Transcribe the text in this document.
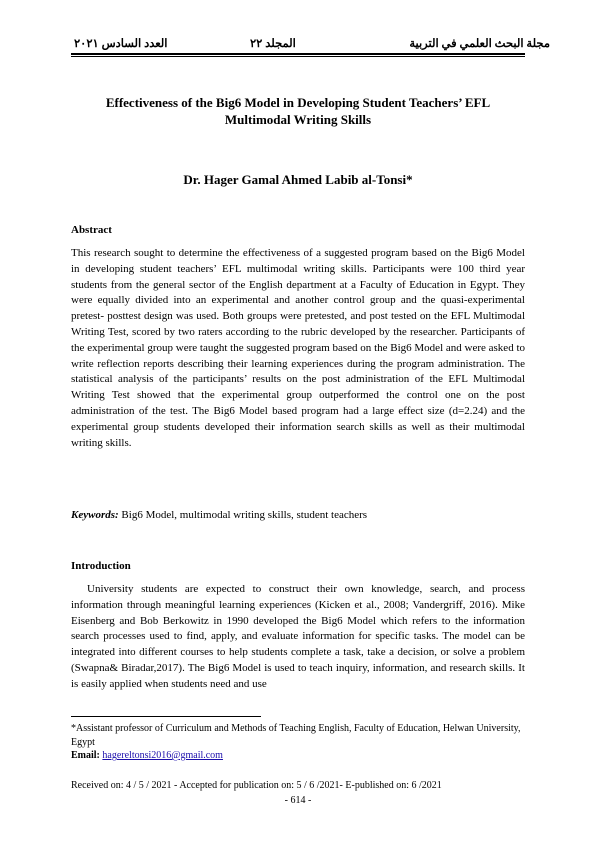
مجلة البحث العلمي في التربية
المجلد ٢٢
العدد السادس ٢٠٢١
Effectiveness of the Big6 Model in Developing Student Teachers’ EFL
Multimodal Writing Skills
Dr. Hager Gamal Ahmed Labib al-Tonsi*
Abstract
This research sought to determine the effectiveness of a suggested program based on the Big6 Model in developing student teachers’ EFL multimodal writing skills. Participants were 100 third year students from the general sector of the English department at a Faculty of Education in Egypt. They were equally divided into an experimental and another control group and the quasi-experimental pretest- posttest design was used. Both groups were pretested, and post tested on the EFL Multimodal Writing Test, scored by two raters according to the rubric developed by the researcher. Participants of the experimental group were taught the suggested program based on the Big6 Model and were asked to write reflection reports describing their learning experiences during the program administration. The statistical analysis of the participants’ results on the post administration of the EFL Multimodal Writing Test showed that the experimental group outperformed the control one on the post administration of the test. The Big6 Model based program had a large effect size (d=2.24) and the experimental group students developed their information search skills as well as their multimodal writing skills.
Keywords: Big6 Model, multimodal writing skills, student teachers
Introduction
University students are expected to construct their own knowledge, search, and process information through meaningful learning experiences (Kicken et al., 2008; Vandergriff, 2016). Mike Eisenberg and Bob Berkowitz in 1990 developed the Big6 Model which refers to the information search processes used to find, apply, and evaluate information for specific tasks. The model can be integrated into different courses to help students complete a task, take a decision, or solve a problem (Swapna& Biradar,2017). The Big6 Model is used to teach inquiry, information, and research skills. It is easily applied when students need and use
*Assistant professor of Curriculum and Methods of Teaching English, Faculty of Education, Helwan University, Egypt
Email: hagereltonsi2016@gmail.com
Received on: 4 / 5 / 2021 - Accepted for publication on: 5 / 6 /2021- E-published on: 6 /2021
- 614 -
